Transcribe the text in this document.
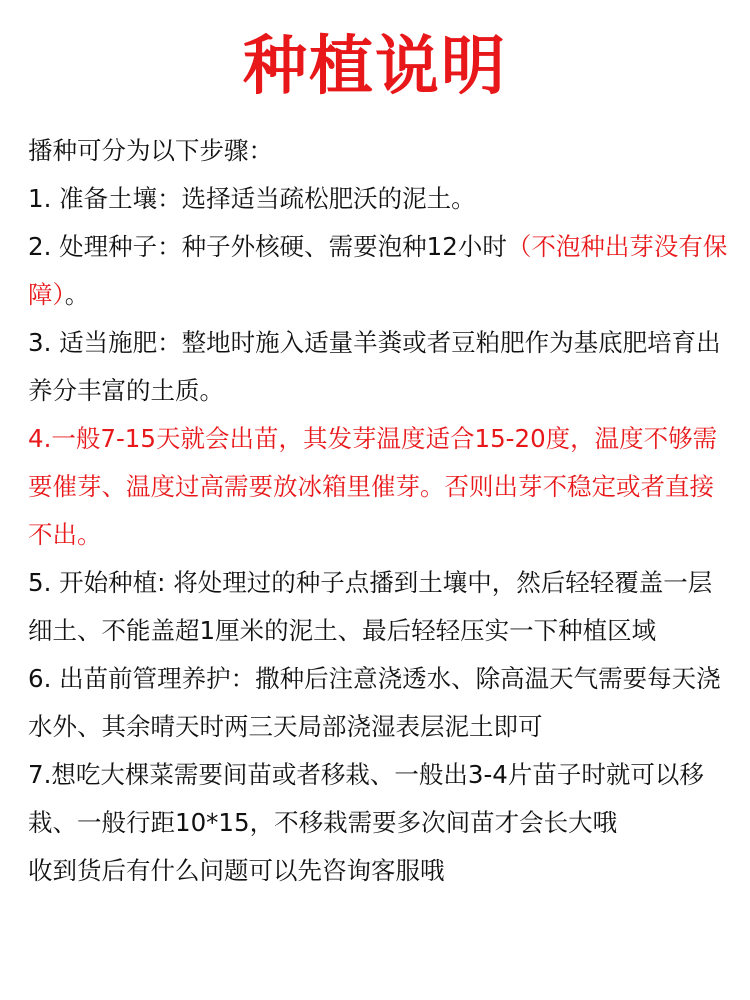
种植说明

播种可分为以下步骤：

1. 准备土壤：选择适当疏松肥沃的泥土。

2. 处理种子：种子外核硬、需要泡种12小时（不泡种出芽没有保障）。

3. 适当施肥：整地时施入适量羊粪或者豆粕肥作为基底肥培育出养分丰富的土质。

4.一般7-15天就会出苗，其发芽温度适合15-20度，温度不够需要催芽、温度过高需要放冰箱里催芽。否则出芽不稳定或者直接不出。

5. 开始种植: 将处理过的种子点播到土壤中，然后轻轻覆盖一层细土、不能盖超1厘米的泥土、最后轻轻压实一下种植区域

6. 出苗前管理养护：撒种后注意浇透水、除高温天气需要每天浇水外、其余晴天时两三天局部浇湿表层泥土即可

7.想吃大棵菜需要间苗或者移栽、一般出3-4片苗子时就可以移栽、一般行距10*15，不移栽需要多次间苗才会长大哦

收到货后有什么问题可以先咨询客服哦
